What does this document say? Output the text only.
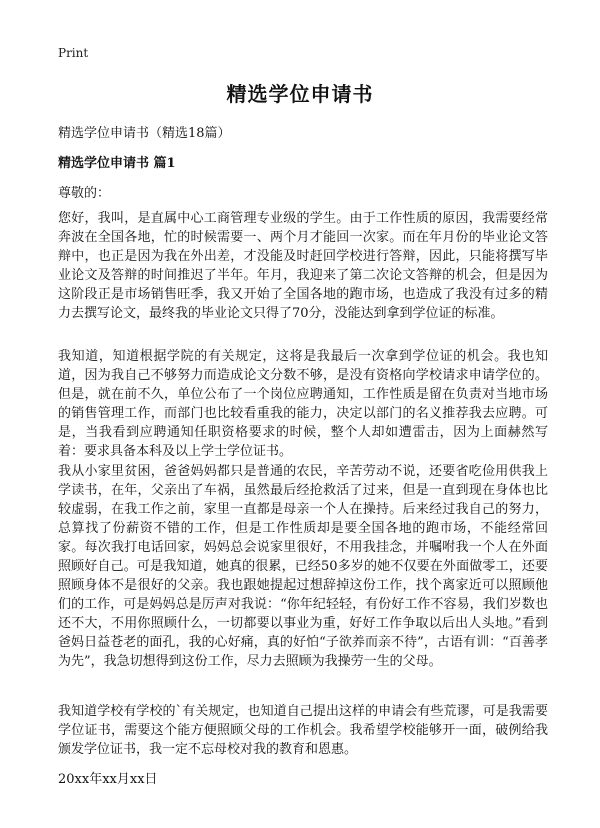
Print
精选学位申请书
精选学位申请书（精选18篇）
精选学位申请书 篇1
尊敬的：

您好，我叫，是直属中心工商管理专业级的学生。由于工作性质的原因，我需要经常奔波在全国各地，忙的时候需要一、两个月才能回一次家。而在年月份的毕业论文答辩中，也正是因为我在外出差，才没能及时赶回学校进行答辩，因此，只能将撰写毕业论文及答辩的时间推迟了半年。年月，我迎来了第二次论文答辩的机会，但是因为这阶段正是市场销售旺季，我又开始了全国各地的跑市场，也造成了我没有过多的精力去撰写论文，最终我的毕业论文只得了70分，没能达到拿到学位证的标准。

我知道，知道根据学院的有关规定，这将是我最后一次拿到学位证的机会。我也知道，因为我自己不够努力而造成论文分数不够，是没有资格向学校请求申请学位的。但是，就在前不久，单位公布了一个岗位应聘通知，工作性质是留在负责对当地市场的销售管理工作，而部门也比较看重我的能力，决定以部门的名义推荐我去应聘。可是，当我看到应聘通知任职资格要求的时候，整个人却如遭雷击，因为上面赫然写着：要求具备本科及以上学士学位证书。

我从小家里贫困，爸爸妈妈都只是普通的农民，辛苦劳动不说，还要省吃俭用供我上学读书，在年，父亲出了车祸，虽然最后经抢救活了过来，但是一直到现在身体也比较虚弱，在我工作之前，家里一直都是母亲一个人在操持。后来经过我自己的努力，总算找了份薪资不错的工作，但是工作性质却是要全国各地的跑市场，不能经常回家。每次我打电话回家，妈妈总会说家里很好，不用我挂念，并嘱咐我一个人在外面照顾好自己。可是我知道，她真的很累，已经50多岁的她不仅要在外面做零工，还要照顾身体不是很好的父亲。我也跟她提起过想辞掉这份工作，找个离家近可以照顾他们的工作，可是妈妈总是厉声对我说：“你年纪轻轻，有份好工作不容易，我们岁数也还不大，不用你照顾什么，一切都要以事业为重，好好工作争取以后出人头地。”看到爸妈日益苍老的面孔，我的心好痛，真的好怕“子欲养而亲不待”，古语有训：“百善孝为先”，我急切想得到这份工作，尽力去照顾为我操劳一生的父母。

我知道学校有学校的`有关规定，也知道自己提出这样的申请会有些荒谬，可是我需要学位证书，需要这个能方便照顾父母的工作机会。我希望学校能够开一面，破例给我颁发学位证书，我一定不忘母校对我的教育和恩惠。

20xx年xx月xx日
